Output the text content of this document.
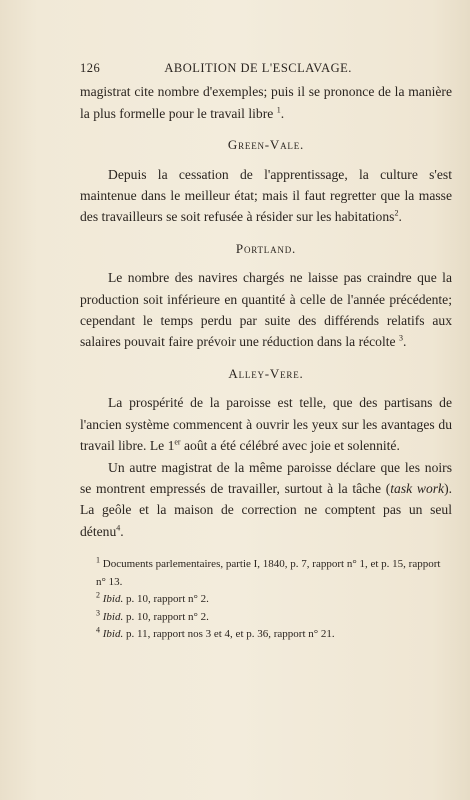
126	ABOLITION DE L'ESCLAVAGE.

magistrat cite nombre d'exemples; puis il se prononce de la manière la plus formelle pour le travail libre $^1$.

Green-Vale.

Depuis la cessation de l'apprentissage, la culture s'est maintenue dans le meilleur état; mais il faut regretter que la masse des travailleurs se soit refusée à résider sur les habitations$^2$.

Portland.

Le nombre des navires chargés ne laisse pas craindre que la production soit inférieure en quantité à celle de l'année précédente; cependant le temps perdu par suite des différends relatifs aux salaires pouvait faire prévoir une réduction dans la récolte $^3$.

Alley-Vere.

La prospérité de la paroisse est telle, que des partisans de l'ancien système commencent à ouvrir les yeux sur les avantages du travail libre. Le 1er août a été célébré avec joie et solennité.

Un autre magistrat de la même paroisse déclare que les noirs se montrent empressés de travailler, surtout à la tâche (task work). La geôle et la maison de correction ne comptent pas un seul détenu$^4$.

$^1$ Documents parlementaires, partie I, 1840, p. 7, rapport n° 1, et p. 15, rapport n° 13.
$^2$ Ibid. p. 10, rapport n° 2.
$^3$ Ibid. p. 10, rapport n° 2.
$^4$ Ibid. p. 11, rapport nos 3 et 4, et p. 36, rapport n° 21.
